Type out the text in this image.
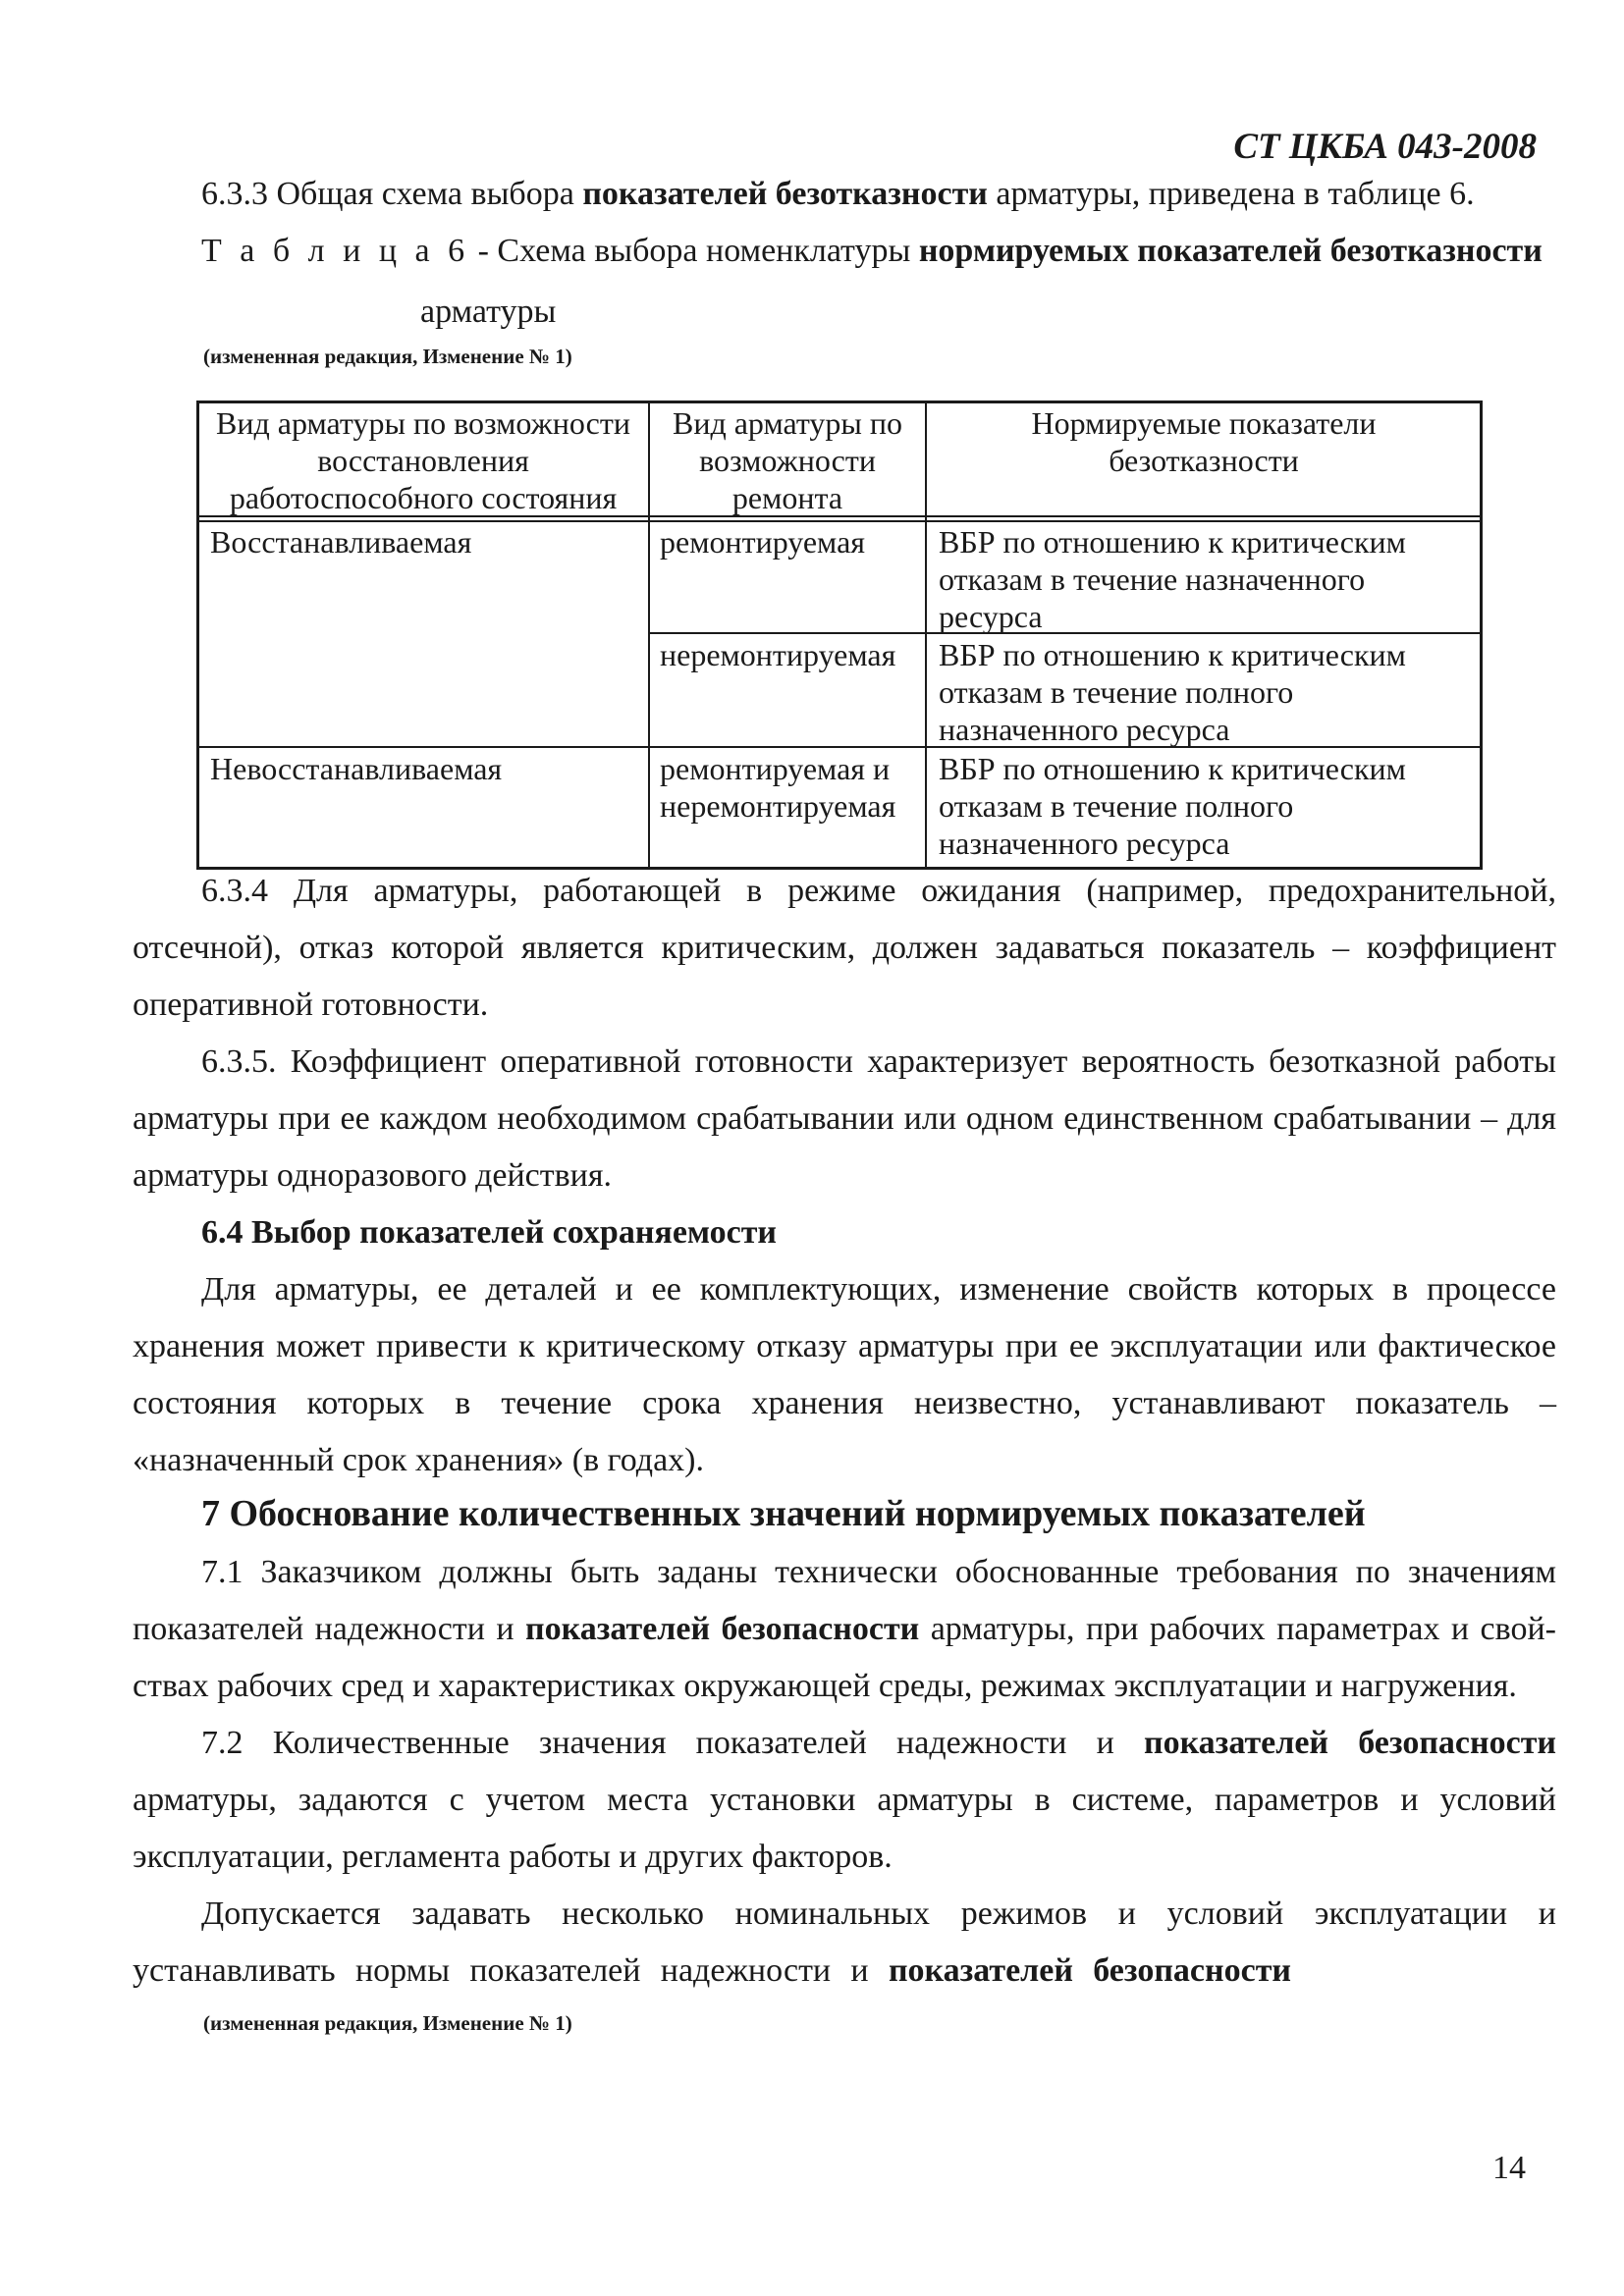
СТ ЦКБА 043-2008
6.3.3 Общая схема выбора показателей безотказности арматуры, приведена в таблице 6.
Т а б л и ц а 6 - Схема выбора номенклатуры нормируемых показателей безотказности
арматуры
(измененная редакция, Изменение № 1)
Вид арматуры по возможности
восстановления
работоспособного состояния
Вид арматуры по
возможности
ремонта
Нормируемые показатели
безотказности
Восстанавливаемая	ремонтируемая ВБР по отношению к критическим
отказам в течение назначенного
ресурса
неремонтируемая ВБР по отношению к критическим
отказам в течение полного
назначенного ресурса
Невосстанавливаемая	ремонтируемая и
неремонтируемая
ВБР по отношению к критическим
отказам в течение полного
назначенного ресурса
6.3.4 Для арматуры, работающей в режиме ожидания (например, предохранительной,
отсечной), отказ которой является критическим, должен задаваться показатель – коэффициент
оперативной готовности.
6.3.5. Коэффициент оперативной готовности характеризует вероятность безотказной работы
арматуры при ее каждом необходимом срабатывании или одном единственном срабатывании – для
арматуры одноразового действия.
6.4 Выбор показателей сохраняемости
Для арматуры, ее деталей и ее комплектующих, изменение свойств которых в процессе
хранения может привести к критическому отказу арматуры при ее эксплуатации или фактическое
состояния которых в течение срока хранения неизвестно, устанавливают показатель –
«назначенный срок хранения» (в годах).
7 Обоснование количественных значений нормируемых показателей
7.1 Заказчиком должны быть заданы технически обоснованные требования по значениям
показателей надежности и показателей безопасности арматуры, при рабочих параметрах и свой-
ствах рабочих сред и характеристиках окружающей среды, режимах эксплуатации и нагружения.
7.2 Количественные значения показателей надежности и показателей безопасности
арматуры, задаются с учетом места установки арматуры в системе, параметров и условий
эксплуатации, регламента работы и других факторов.
Допускается задавать несколько номинальных режимов и условий эксплуатации и
устанавливать нормы показателей надежности и показателей безопасности
(измененная редакция, Изменение № 1)
14
